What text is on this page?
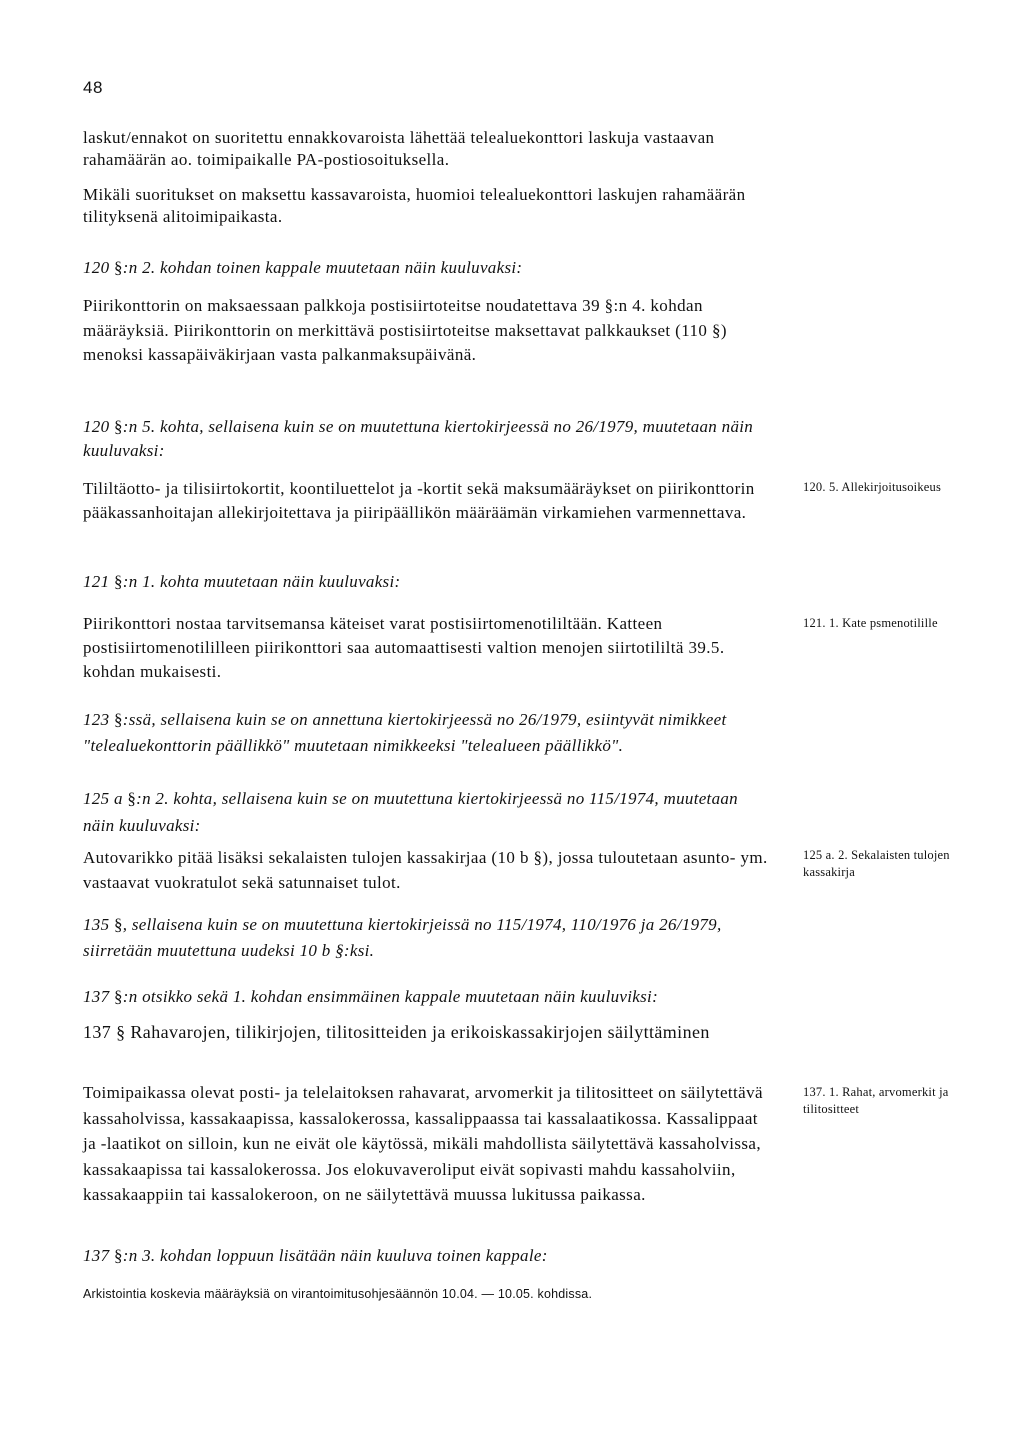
48

laskut/ennakot on suoritettu ennakkovaroista lähettää telealuekonttori laskuja vastaavan rahamäärän ao. toimipaikalle PA-postiosoituksella.

Mikäli suoritukset on maksettu kassavaroista, huomioi telealuekonttori laskujen rahamäärän tilityksenä alitoimipaikasta.

120 §:n 2. kohdan toinen kappale muutetaan näin kuuluvaksi:

Piirikonttorin on maksaessaan palkkoja postisiirtoteitse noudatettava 39 §:n 4. kohdan määräyksiä. Piirikonttorin on merkittävä postisiirtoteitse maksettavat palkkaukset (110 §) menoksi kassapäiväkirjaan vasta palkanmaksupäivänä.

120 §:n 5. kohta, sellaisena kuin se on muutettuna kiertokirjeessä no 26/1979, muutetaan näin kuuluvaksi:

Tililtäotto- ja tilisiirtokortit, koontiluettelot ja -kortit sekä maksumääräykset on piirikonttorin pääkassanhoitajan allekirjoitettava ja piiripäällikön määräämän virkamiehen varmennettava.

120. 5. Allekirjoitusoikeus
121 §:n 1. kohta muutetaan näin kuuluvaksi:

Piirikonttori nostaa tarvitsemansa käteiset varat postisiirtomenotililtään. Katteen postisiirtomenotililleen piirikonttori saa automaattisesti valtion menojen siirtotililtä 39.5. kohdan mukaisesti.

121. 1. Kate psmenotilille
123 §:ssä, sellaisena kuin se on annettuna kiertokirjeessä no 26/1979, esiintyvät nimikkeet "telealuekonttorin päällikkö" muutetaan nimikkeeksi "telealueen päällikkö".
125 a §:n 2. kohta, sellaisena kuin se on muutettuna kiertokirjeessä no 115/1974, muutetaan näin kuuluvaksi:

Autovarikko pitää lisäksi sekalaisten tulojen kassakirjaa (10 b §), jossa tuloutetaan asunto- ym. vastaavat vuokratulot sekä satunnaiset tulot.

125 a. 2. Sekalaisten tulojen kassakirja
135 §, sellaisena kuin se on muutettuna kiertokirjeissä no 115/1974, 110/1976 ja 26/1979, siirretään muutettuna uudeksi 10 b §:ksi.
137 §:n otsikko sekä 1. kohdan ensimmäinen kappale muutetaan näin kuuluviksi:
137 § Rahavarojen, tilikirjojen, tilitositteiden ja erikoiskassakirjojen säilyttäminen

Toimipaikassa olevat posti- ja telelaitoksen rahavarat, arvomerkit ja tilitositteet on säilytettävä kassaholvissa, kassakaapissa, kassalokerossa, kassalippaassa tai kassalaatikossa. Kassalippaat ja -laatikot on silloin, kun ne eivät ole käytössä, mikäli mahdollista säilytettävä kassaholvissa, kassakaapissa tai kassalokerossa. Jos elokuvaveroliput eivät sopivasti mahdu kassaholviin, kassakaappiin tai kassalokeroon, on ne säilytettävä muussa lukitussa paikassa.

137. 1. Rahat, arvomerkit ja tilitositteet
137 §:n 3. kohdan loppuun lisätään näin kuuluva toinen kappale:
Arkistointia koskevia määräyksiä on virantoimitusohjesäännön 10.04. — 10.05. kohdissa.
